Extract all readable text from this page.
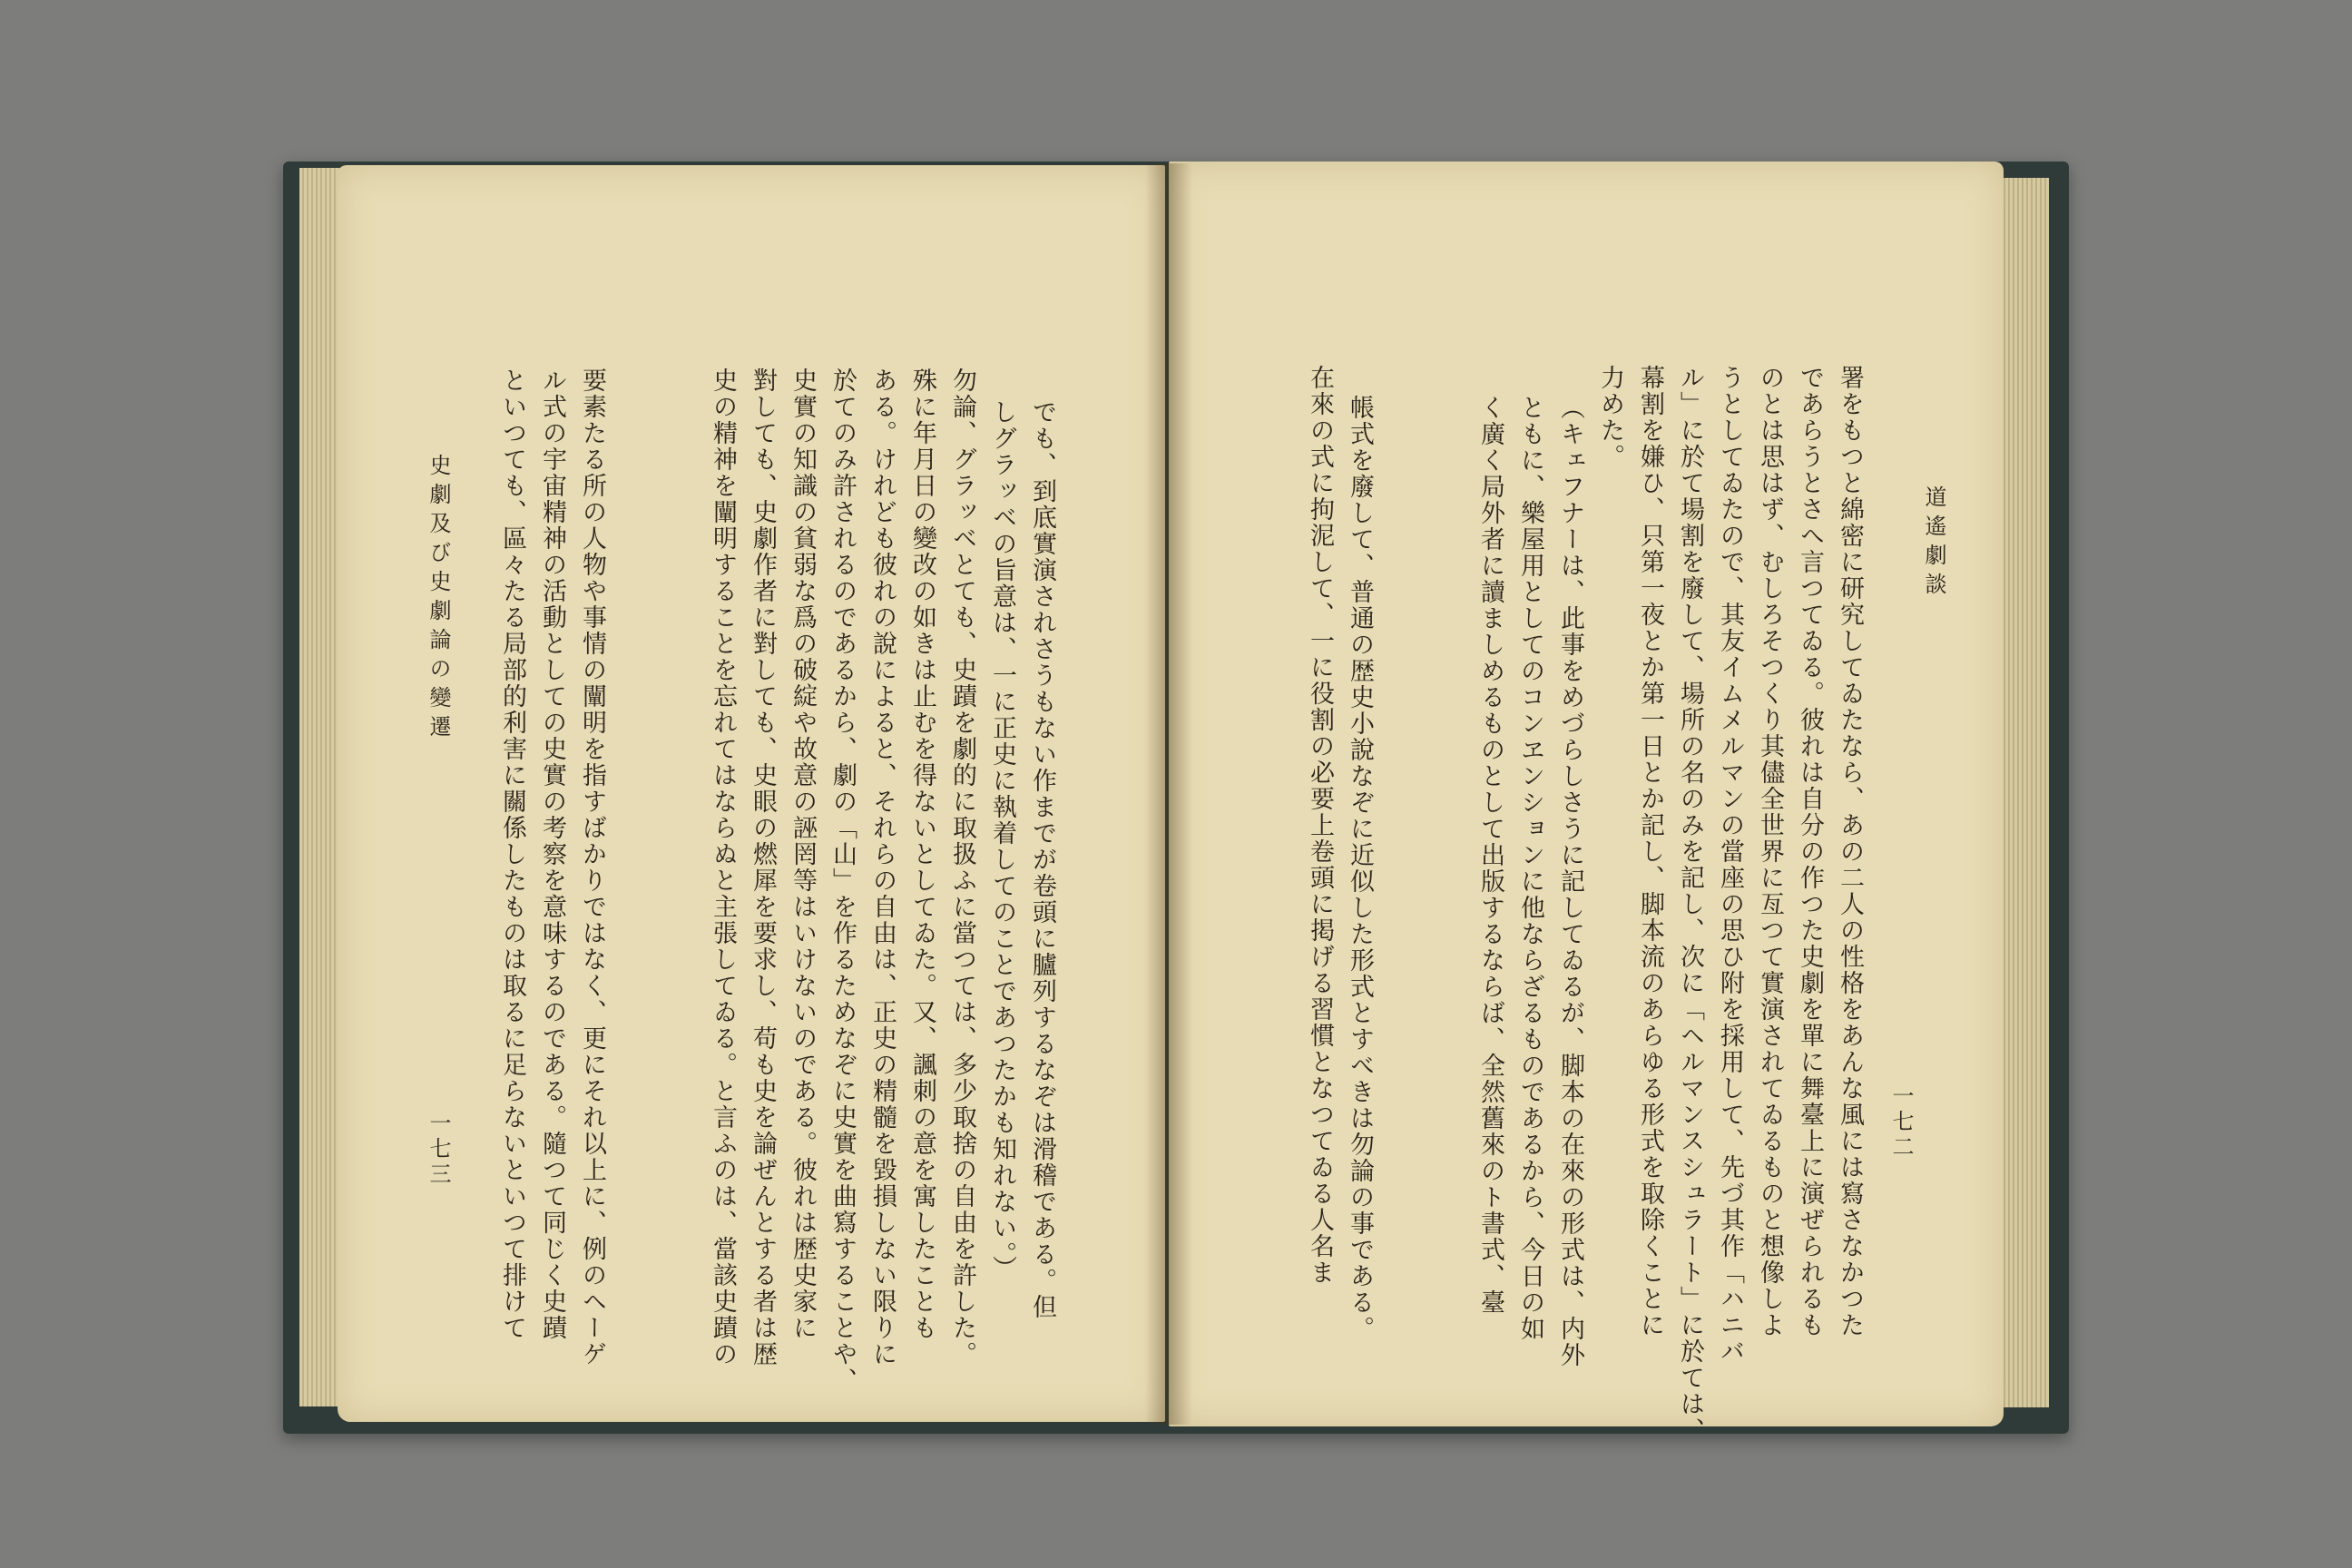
道遙劇談
一七二
署をもつと綿密に研究してゐたなら、あの二人の性格をあんな風には寫さなかつた
であらうとさへ言つてゐる。彼れは自分の作つた史劇を單に舞臺上に演ぜられるも
のとは思はず、むしろそつくり其儘全世界に亙つて實演されてゐるものと想像しよ
うとしてゐたので、其友イムメルマンの當座の思ひ附を採用して、先づ其作「ハニバ
ル」に於て場割を廢して、場所の名のみを記し、次に「ヘルマンスシュラート」に於ては、
幕割を嫌ひ、只第一夜とか第一日とか記し、脚本流のあらゆる形式を取除くことに
力めた。
（キェフナーは、此事をめづらしさうに記してゐるが、脚本の在來の形式は、内外
ともに、樂屋用としてのコンヱンションに他ならざるものであるから、今日の如
く廣く局外者に讀ましめるものとして出版するならば、全然舊來のト書式、臺
帳式を廢して、普通の歴史小說なぞに近似した形式とすべきは勿論の事である。
在來の式に拘泥して、一に役割の必要上卷頭に掲げる習慣となつてゐる人名ま
でも、到底實演されさうもない作までが卷頭に臚列するなぞは滑稽である。但
しグラッベの旨意は、一に正史に執着してのことであつたかも知れない。）
勿論、グラッベとても、史蹟を劇的に取扱ふに當つては、多少取捨の自由を許した。
殊に年月日の變改の如きは止むを得ないとしてゐた。又、諷刺の意を寓したことも
ある。けれども彼れの說によると、それらの自由は、正史の精髓を毀損しない限りに
於てのみ許されるのであるから、劇の「山」を作るためなぞに史實を曲寫することや、
史實の知識の貧弱な爲の破綻や故意の誣罔等はいけないのである。彼れは歴史家に
對しても、史劇作者に對しても、史眼の燃犀を要求し、苟も史を論ぜんとする者は歴
史の精神を闡明することを忘れてはならぬと主張してゐる。と言ふのは、當該史蹟の
要素たる所の人物や事情の闡明を指すばかりではなく、更にそれ以上に、例のヘーゲ
ル式の宇宙精神の活動としての史實の考察を意味するのである。隨つて同じく史蹟
といつても、區々たる局部的利害に關係したものは取るに足らないといつて排けて
史劇及び史劇論の變遷
一七三
